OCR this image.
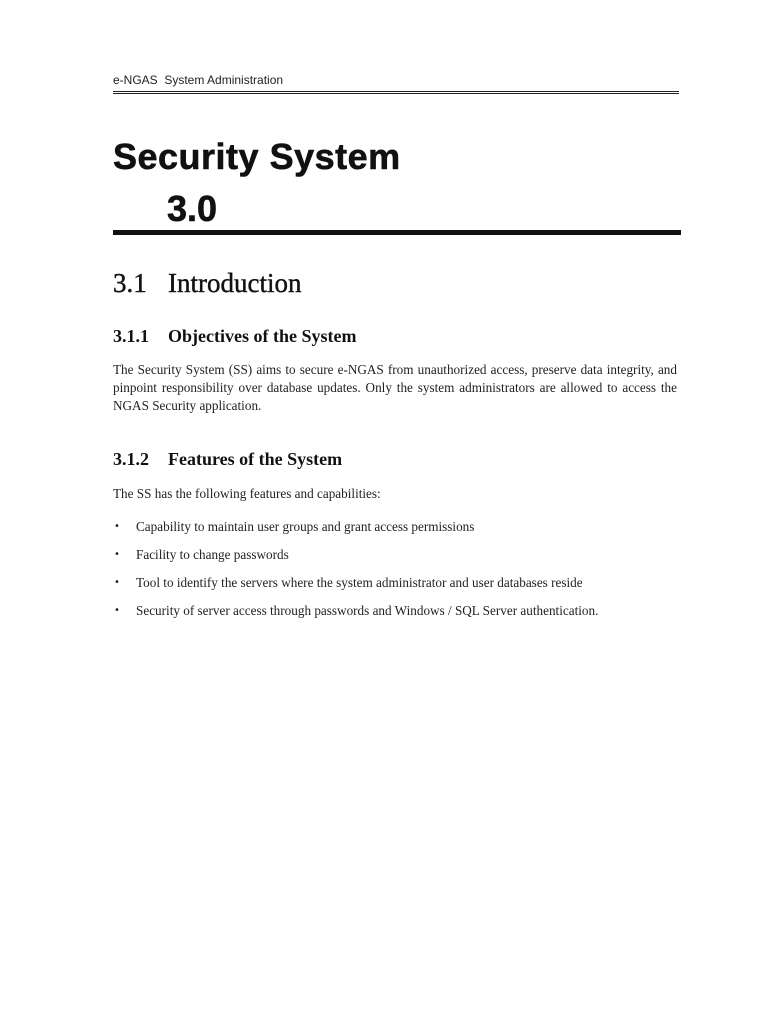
e-NGAS  System Administration
Security System
3.0
3.1 Introduction
3.1.1 Objectives of the System

The Security System (SS) aims to secure e-NGAS from unauthorized access, preserve data integrity, and pinpoint responsibility over database updates. Only the system administrators are allowed to access the NGAS Security application.

3.1.2 Features of the System

The SS has the following features and capabilities:

• Capability to maintain user groups and grant access permissions
• Facility to change passwords
• Tool to identify the servers where the system administrator and user databases reside
• Security of server access through passwords and Windows / SQL Server authentication.
